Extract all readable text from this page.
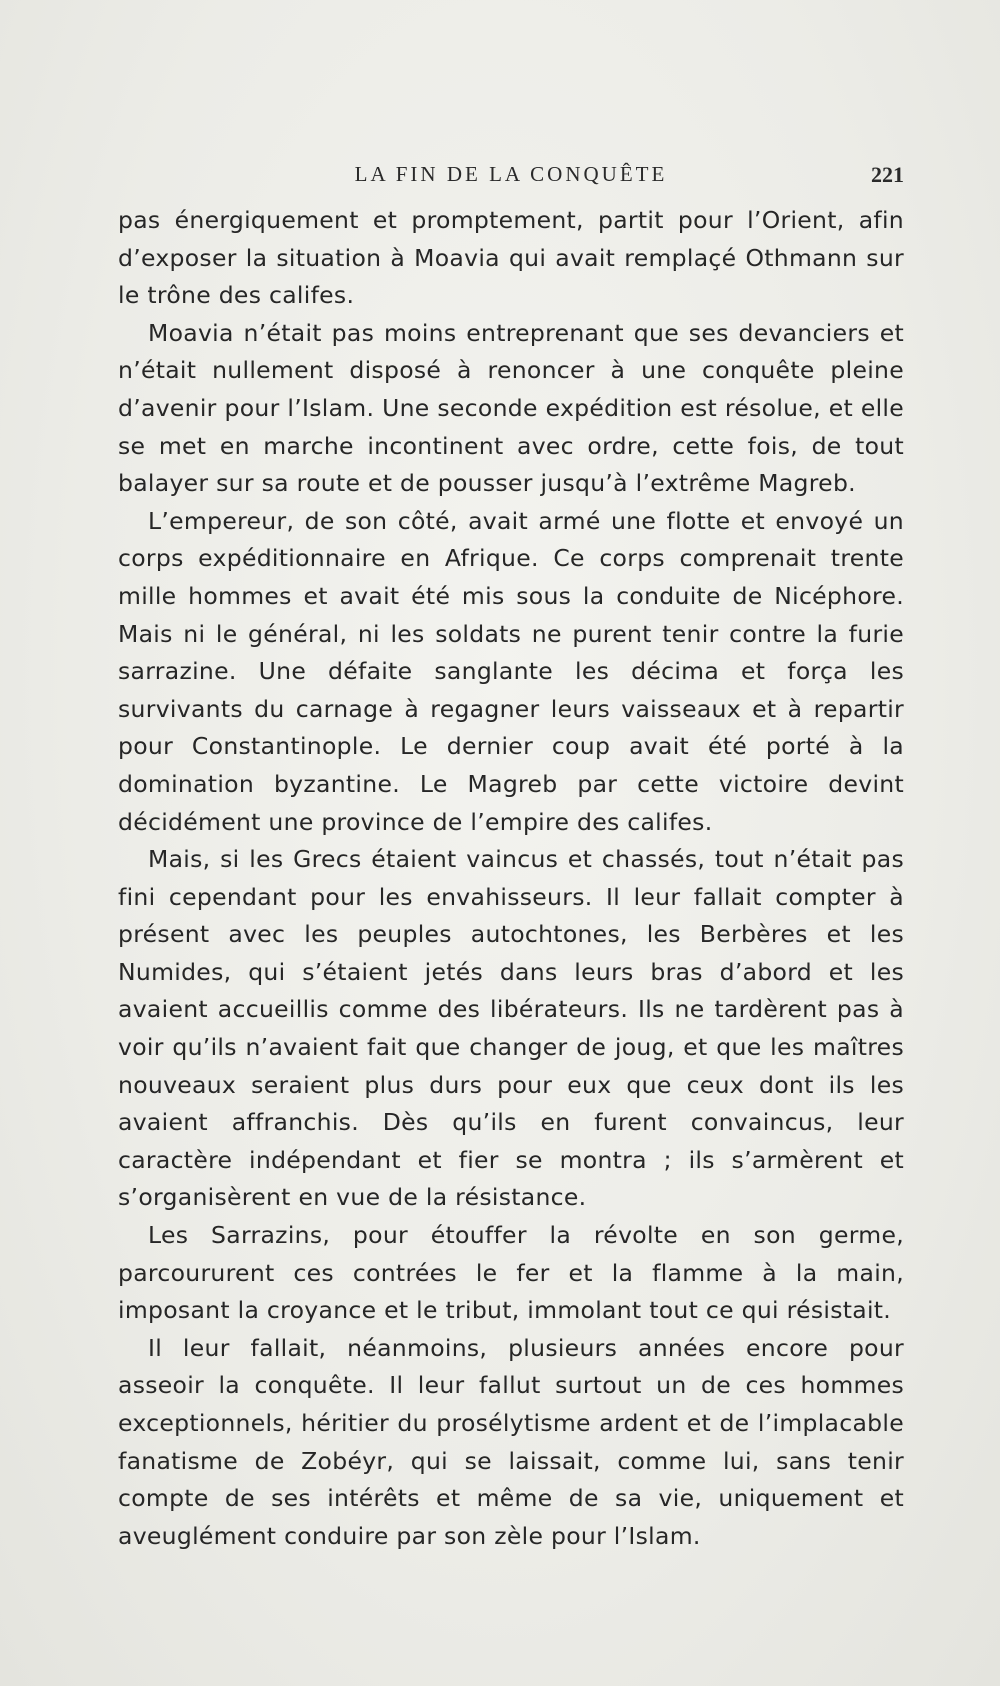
LA FIN DE LA CONQUÊTE	221

pas énergiquement et promptement, partit pour l’Orient, afin d’exposer la situation à Moavia qui avait remplaçé Othmann sur le trône des califes.

Moavia n’était pas moins entreprenant que ses devanciers et n’était nullement disposé à renoncer à une conquête pleine d’avenir pour l’Islam. Une seconde expédition est résolue, et elle se met en marche incontinent avec ordre, cette fois, de tout balayer sur sa route et de pousser jusqu’à l’extrême Magreb.

L’empereur, de son côté, avait armé une flotte et envoyé un corps expéditionnaire en Afrique. Ce corps comprenait trente mille hommes et avait été mis sous la conduite de Nicéphore. Mais ni le général, ni les soldats ne purent tenir contre la furie sarrazine. Une défaite sanglante les décima et força les survivants du carnage à regagner leurs vaisseaux et à repartir pour Constantinople. Le dernier coup avait été porté à la domination byzantine. Le Magreb par cette victoire devint décidément une province de l’empire des califes.

Mais, si les Grecs étaient vaincus et chassés, tout n’était pas fini cependant pour les envahisseurs. Il leur fallait compter à présent avec les peuples autochtones, les Berbères et les Numides, qui s’étaient jetés dans leurs bras d’abord et les avaient accueillis comme des libérateurs. Ils ne tardèrent pas à voir qu’ils n’avaient fait que changer de joug, et que les maîtres nouveaux seraient plus durs pour eux que ceux dont ils les avaient affranchis. Dès qu’ils en furent convaincus, leur caractère indépendant et fier se montra ; ils s’armèrent et s’organisèrent en vue de la résistance.

Les Sarrazins, pour étouffer la révolte en son germe, parcoururent ces contrées le fer et la flamme à la main, imposant la croyance et le tribut, immolant tout ce qui résistait.

Il leur fallait, néanmoins, plusieurs années encore pour asseoir la conquête. Il leur fallut surtout un de ces hommes exceptionnels, héritier du prosélytisme ardent et de l’implacable fanatisme de Zobéyr, qui se laissait, comme lui, sans tenir compte de ses intérêts et même de sa vie, uniquement et aveuglément conduire par son zèle pour l’Islam.
